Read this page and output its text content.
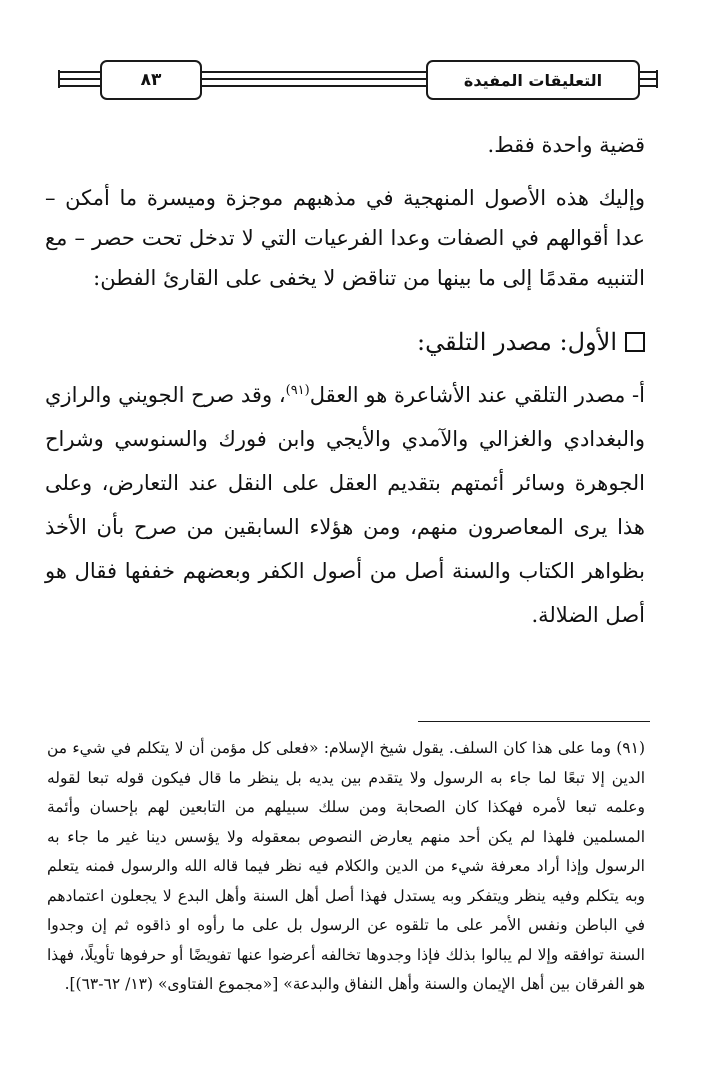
٨٣	التعليقات المفيدة
قضية واحدة فقط.
وإليك هذه الأصول المنهجية في مذهبهم موجزة وميسرة ما أمكن – عدا أقوالهم في الصفات وعدا الفرعيات التي لا تدخل تحت حصر – مع التنبيه مقدمًا إلى ما بينها من تناقض لا يخفى على القارئ الفطن:
الأول: مصدر التلقي:
أ- مصدر التلقي عند الأشاعرة هو العقل$^{(٩١)}$، وقد صرح الجويني والرازي والبغدادي والغزالي والآمدي والأيجي وابن فورك والسنوسي وشراح الجوهرة وسائر أئمتهم بتقديم العقل على النقل عند التعارض، وعلى هذا يرى المعاصرون منهم، ومن هؤلاء السابقين من صرح بأن الأخذ بظواهر الكتاب والسنة أصل من أصول الكفر وبعضهم خففها فقال هو أصل الضلالة.
(٩١) وما على هذا كان السلف. يقول شيخ الإسلام: «فعلى كل مؤمن أن لا يتكلم في شيء من الدين إلا تبعًا لما جاء به الرسول ولا يتقدم بين يديه بل ينظر ما قال فيكون قوله تبعا لقوله وعلمه تبعا لأمره فهكذا كان الصحابة ومن سلك سبيلهم من التابعين لهم بإحسان وأئمة المسلمين فلهذا لم يكن أحد منهم يعارض النصوص بمعقوله ولا يؤسس دينا غير ما جاء به الرسول وإذا أراد معرفة شيء من الدين والكلام فيه نظر فيما قاله الله والرسول فمنه يتعلم وبه يتكلم وفيه ينظر ويتفكر وبه يستدل فهذا أصل أهل السنة وأهل البدع لا يجعلون اعتمادهم في الباطن ونفس الأمر على ما تلقوه عن الرسول بل على ما رأوه او ذاقوه ثم إن وجدوا السنة توافقه وإلا لم يبالوا بذلك فإذا وجدوها تخالفه أعرضوا عنها تفويضًا أو حرفوها تأويلًا، فهذا هو الفرقان بين أهل الإيمان والسنة وأهل النفاق والبدعة» [«مجموع الفتاوى» (١٣/ ٦٢-٦٣)].
